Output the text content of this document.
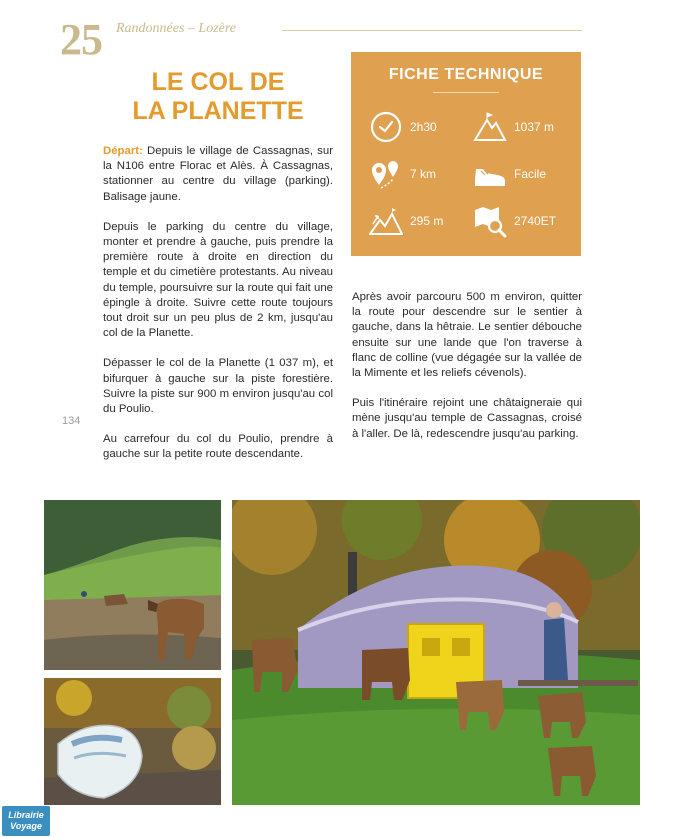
25 Randonnées – Lozère
LE COL DE
LA PLANETTE

Départ: Depuis le village de Cassagnas, sur la N106 entre Florac et Alès. À Cassagnas, stationner au centre du village (parking). Balisage jaune.

Depuis le parking du centre du village, monter et prendre à gauche, puis prendre la première route à droite en direction du temple et du cimetière protestants. Au niveau du temple, poursuivre sur la route qui fait une épingle à droite. Suivre cette route toujours tout droit sur un peu plus de 2 km, jusqu'au col de la Planette.

Dépasser le col de la Planette (1 037 m), et bifurquer à gauche sur la piste forestière. Suivre la piste sur 900 m environ jusqu'au col du Poulio.

Au carrefour du col du Poulio, prendre à gauche sur la petite route descendante.

134
FICHE TECHNIQUE
2h30	1037 m
7 km	Facile
295 m	2740ET

Après avoir parcouru 500 m environ, quitter la route pour descendre sur le sentier à gauche, dans la hêtraie. Le sentier débouche ensuite sur une lande que l'on traverse à flanc de colline (vue dégagée sur la vallée de la Mimente et les reliefs cévenols).

Puis l'itinéraire rejoint une châtaigneraie qui mène jusqu'au temple de Cassagnas, croisé à l'aller. De là, redescendre jusqu'au parking.

Librairie
Voyage
